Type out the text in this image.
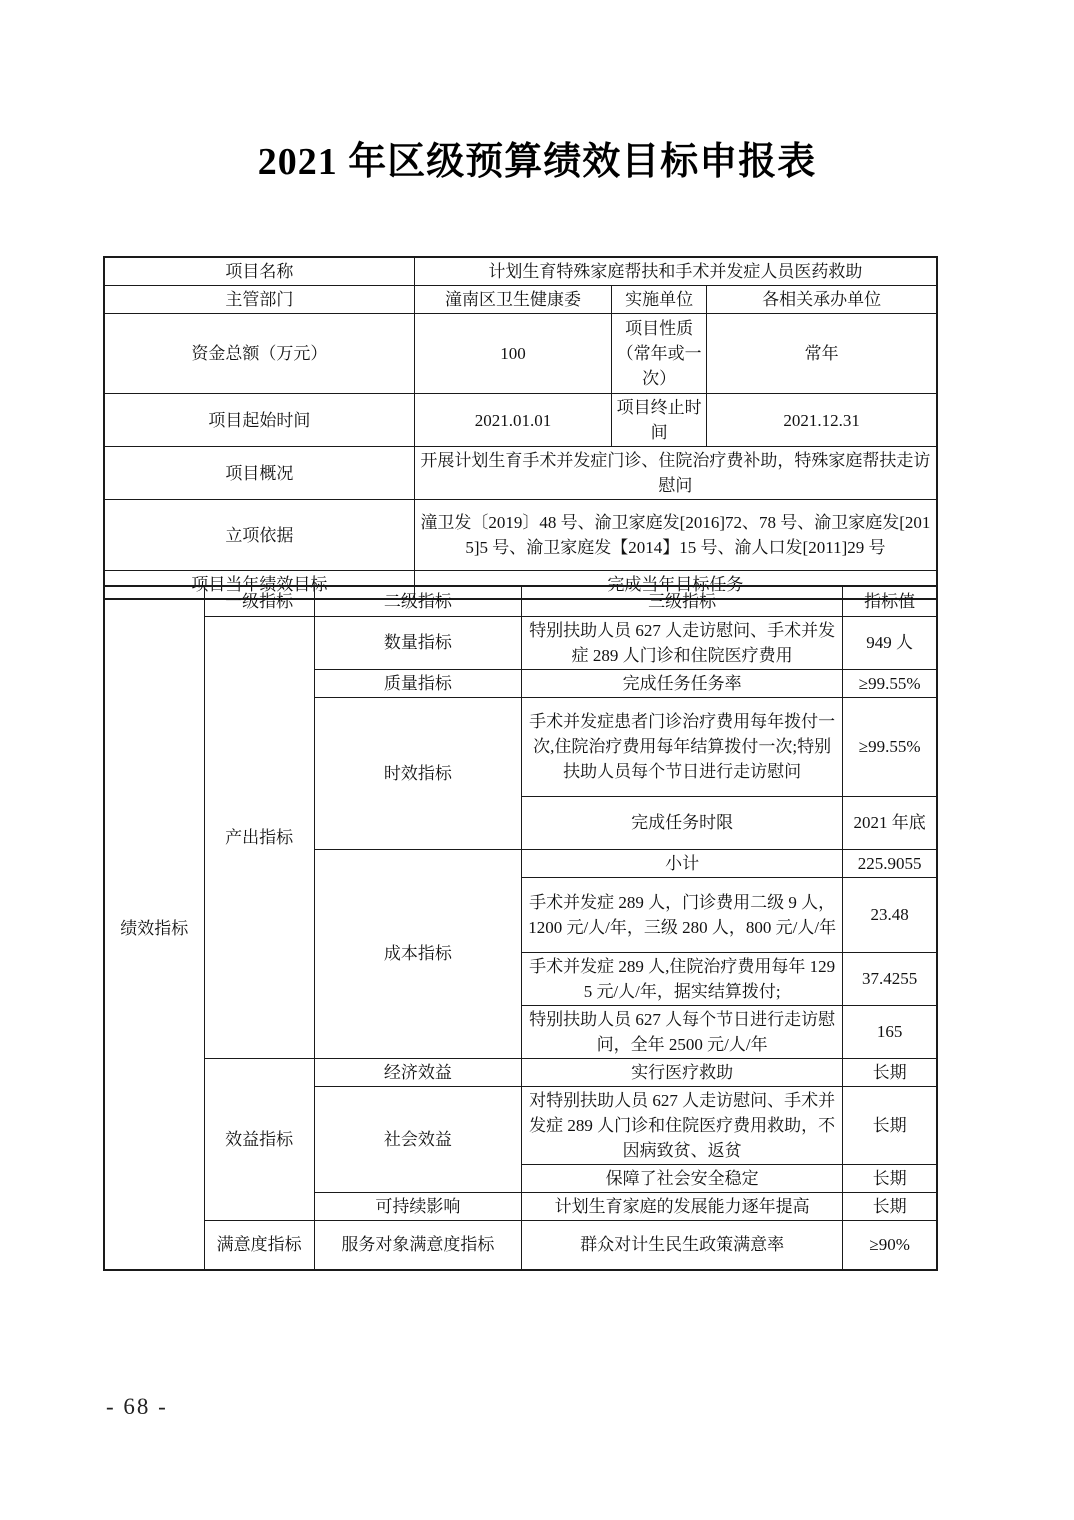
2021 年区级预算绩效目标申报表
项目名称	计划生育特殊家庭帮扶和手术并发症人员医药救助		
主管部门	潼南区卫生健康委	实施单位	各相关承办单位
资金总额（万元）	100	项目性质（常年或一次）	常年
项目起始时间	2021.01.01	项目终止时间	2021.12.31
项目概况	开展计划生育手术并发症门诊、住院治疗费补助，特殊家庭帮扶走访慰问		
立项依据	潼卫发〔2019〕48 号、渝卫家庭发[2016]72、78 号、渝卫家庭发[2015]5 号、渝卫家庭发【2014】15 号、渝人口发[2011]29 号		
项目当年绩效目标	完成当年目标任务		
绩效指标	一级指标	二级指标	三级指标	指标值
	产出指标	数量指标	特别扶助人员 627 人走访慰问、手术并发症 289 人门诊和住院医疗费用	949 人
		质量指标	完成任务任务率	≥99.55%
		时效指标	手术并发症患者门诊治疗费用每年拨付一次,住院治疗费用每年结算拨付一次;特别扶助人员每个节日进行走访慰问	≥99.55%
			完成任务时限	2021 年底
		成本指标	小计	225.9055
			手术并发症 289 人，门诊费用二级 9 人，1200 元/人/年，三级 280 人，800 元/人/年	23.48
			手术并发症 289 人,住院治疗费用每年 1295 元/人/年，据实结算拨付;	37.4255
			特别扶助人员 627 人每个节日进行走访慰问，全年 2500 元/人/年	165
	效益指标	经济效益	实行医疗救助	长期
		社会效益	对特别扶助人员 627 人走访慰问、手术并发症 289 人门诊和住院医疗费用救助，不因病致贫、返贫	长期
			保障了社会安全稳定	长期
		可持续影响	计划生育家庭的发展能力逐年提高	长期
	满意度指标	服务对象满意度指标	群众对计生民生政策满意率	≥90%
- 68 -
